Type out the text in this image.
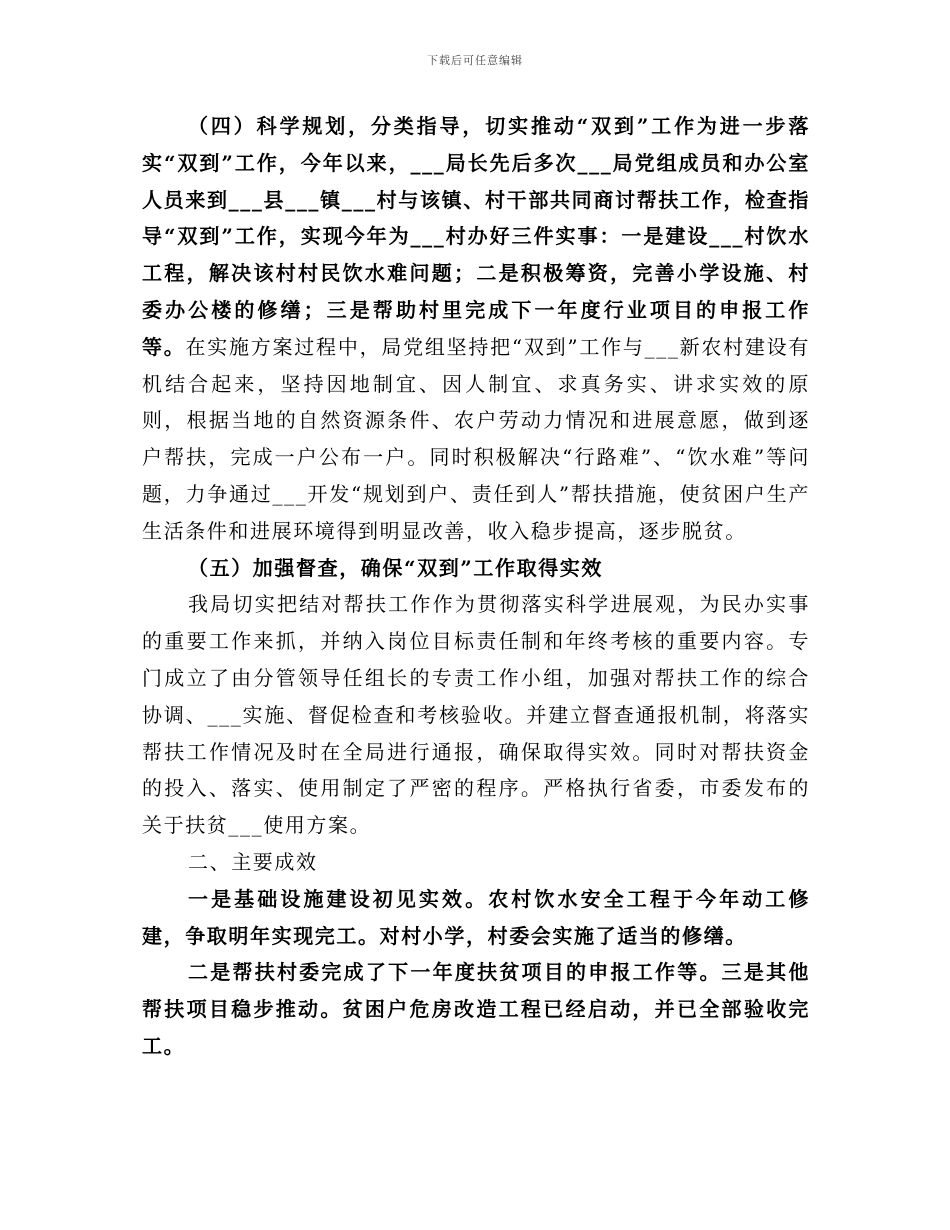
下载后可任意编辑

（四）科学规划，分类指导，切实推动“双到”工作为进一步落实“双到”工作，今年以来，___局长先后多次___局党组成员和办公室人员来到___县___镇___村与该镇、村干部共同商讨帮扶工作，检查指导“双到”工作，实现今年为___村办好三件实事：一是建设___村饮水工程，解决该村村民饮水难问题；二是积极筹资，完善小学设施、村委办公楼的修缮；三是帮助村里完成下一年度行业项目的申报工作等。在实施方案过程中，局党组坚持把“双到”工作与___新农村建设有机结合起来，坚持因地制宜、因人制宜、求真务实、讲求实效的原则，根据当地的自然资源条件、农户劳动力情况和进展意愿，做到逐户帮扶，完成一户公布一户。同时积极解决“行路难”、“饮水难”等问题，力争通过___开发“规划到户、责任到人”帮扶措施，使贫困户生产生活条件和进展环境得到明显改善，收入稳步提高，逐步脱贫。

（五）加强督查，确保“双到”工作取得实效

我局切实把结对帮扶工作作为贯彻落实科学进展观，为民办实事的重要工作来抓，并纳入岗位目标责任制和年终考核的重要内容。专门成立了由分管领导任组长的专责工作小组，加强对帮扶工作的综合协调、___实施、督促检查和考核验收。并建立督查通报机制，将落实帮扶工作情况及时在全局进行通报，确保取得实效。同时对帮扶资金的投入、落实、使用制定了严密的程序。严格执行省委，市委发布的关于扶贫___使用方案。

二、主要成效

一是基础设施建设初见实效。农村饮水安全工程于今年动工修建，争取明年实现完工。对村小学，村委会实施了适当的修缮。

二是帮扶村委完成了下一年度扶贫项目的申报工作等。三是其他帮扶项目稳步推动。贫困户危房改造工程已经启动，并已全部验收完工。
